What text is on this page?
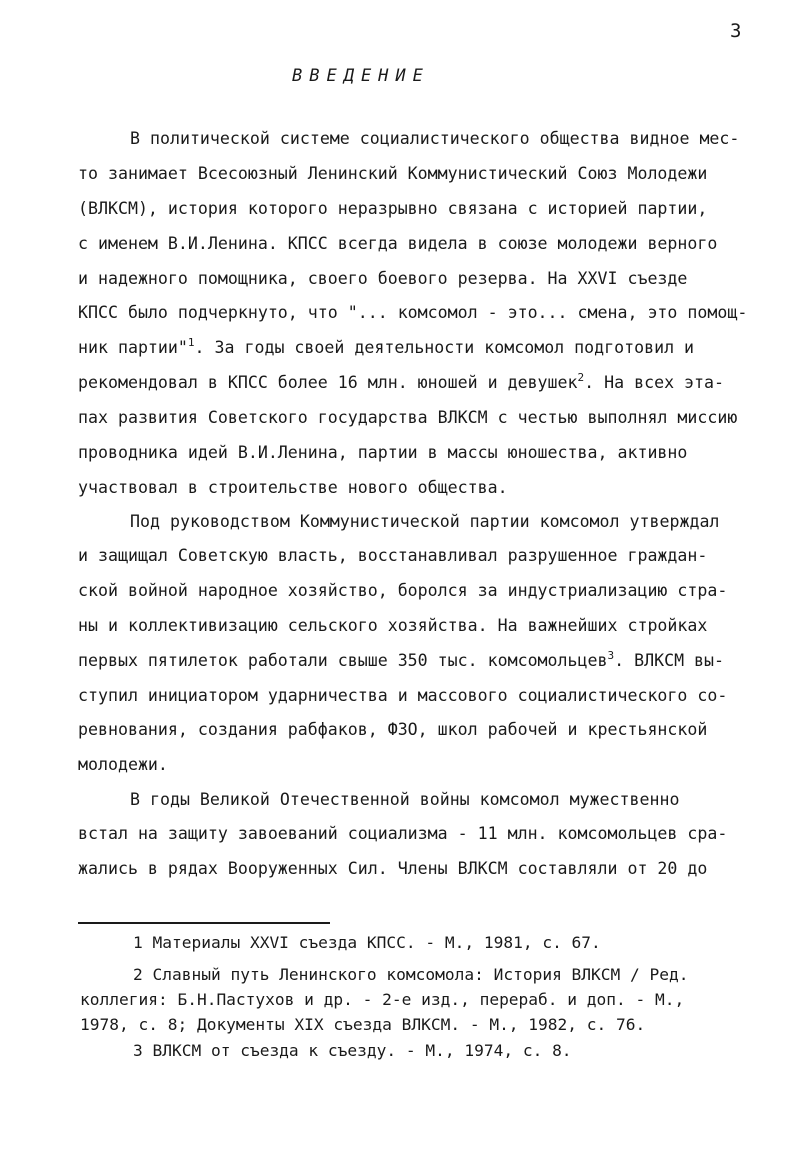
3
ВВЕДЕНИЕ
В политической системе социалистического общества видное мес-
то занимает Всесоюзный Ленинский Коммунистический Союз Молодежи
(ВЛКСМ), история которого неразрывно связана с историей партии,
с именем В.И.Ленина. КПСС всегда видела в союзе молодежи верного
и надежного помощника, своего боевого резерва. На XXVI съезде
КПСС было подчеркнуто, что "... комсомол - это... смена, это помощ-
ник партии"$^1$. За годы своей деятельности комсомол подготовил и
рекомендовал в КПСС более 16 млн. юношей и девушек$^2$. На всех эта-
пах развития Советского государства ВЛКСМ с честью выполнял миссию
проводника идей В.И.Ленина, партии в массы юношества, активно
участвовал в строительстве нового общества.
Под руководством Коммунистической партии комсомол утверждал
и защищал Советскую власть, восстанавливал разрушенное граждан-
ской войной народное хозяйство, боролся за индустриализацию стра-
ны и коллективизацию сельского хозяйства. На важнейших стройках
первых пятилеток работали свыше 350 тыс. комсомольцев$^3$. ВЛКСМ вы-
ступил инициатором ударничества и массового социалистического со-
ревнования, создания рабфаков, ФЗО, школ рабочей и крестьянской
молодежи.
В годы Великой Отечественной войны комсомол мужественно
встал на защиту завоеваний социализма - 11 млн. комсомольцев сра-
жались в рядах Вооруженных Сил. Члены ВЛКСМ составляли от 20 до
1 Материалы XXVI съезда КПСС. - М., 1981, с. 67.
2 Славный путь Ленинского комсомола: История ВЛКСМ / Ред.
коллегия: Б.Н.Пастухов и др. - 2-е изд., перераб. и доп. - М.,
1978, с. 8; Документы XIX съезда ВЛКСМ. - М., 1982, с. 76.
3 ВЛКСМ от съезда к съезду. - М., 1974, с. 8.
